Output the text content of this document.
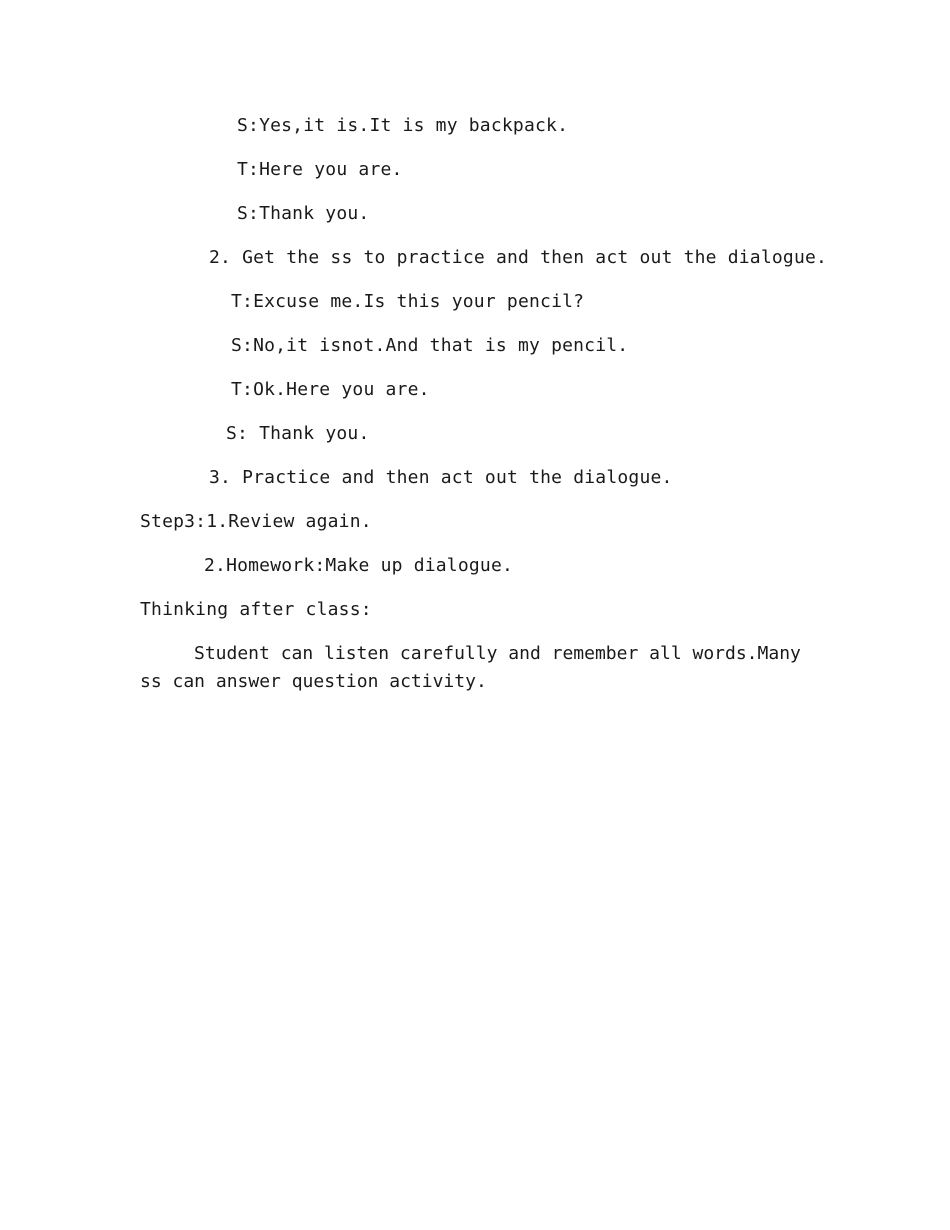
S:Yes,it is.It is my backpack.
T:Here you are.
S:Thank you.
2. Get the ss to practice and then act out the dialogue.
T:Excuse me.Is this your pencil?
S:No,it isnot.And that is my pencil.
T:Ok.Here you are.
S: Thank you.
3. Practice and then act out the dialogue.
Step3:1.Review again.
2.Homework:Make up dialogue.
Thinking after class:
Student can listen carefully and remember all words.Many ss can answer question activity.
